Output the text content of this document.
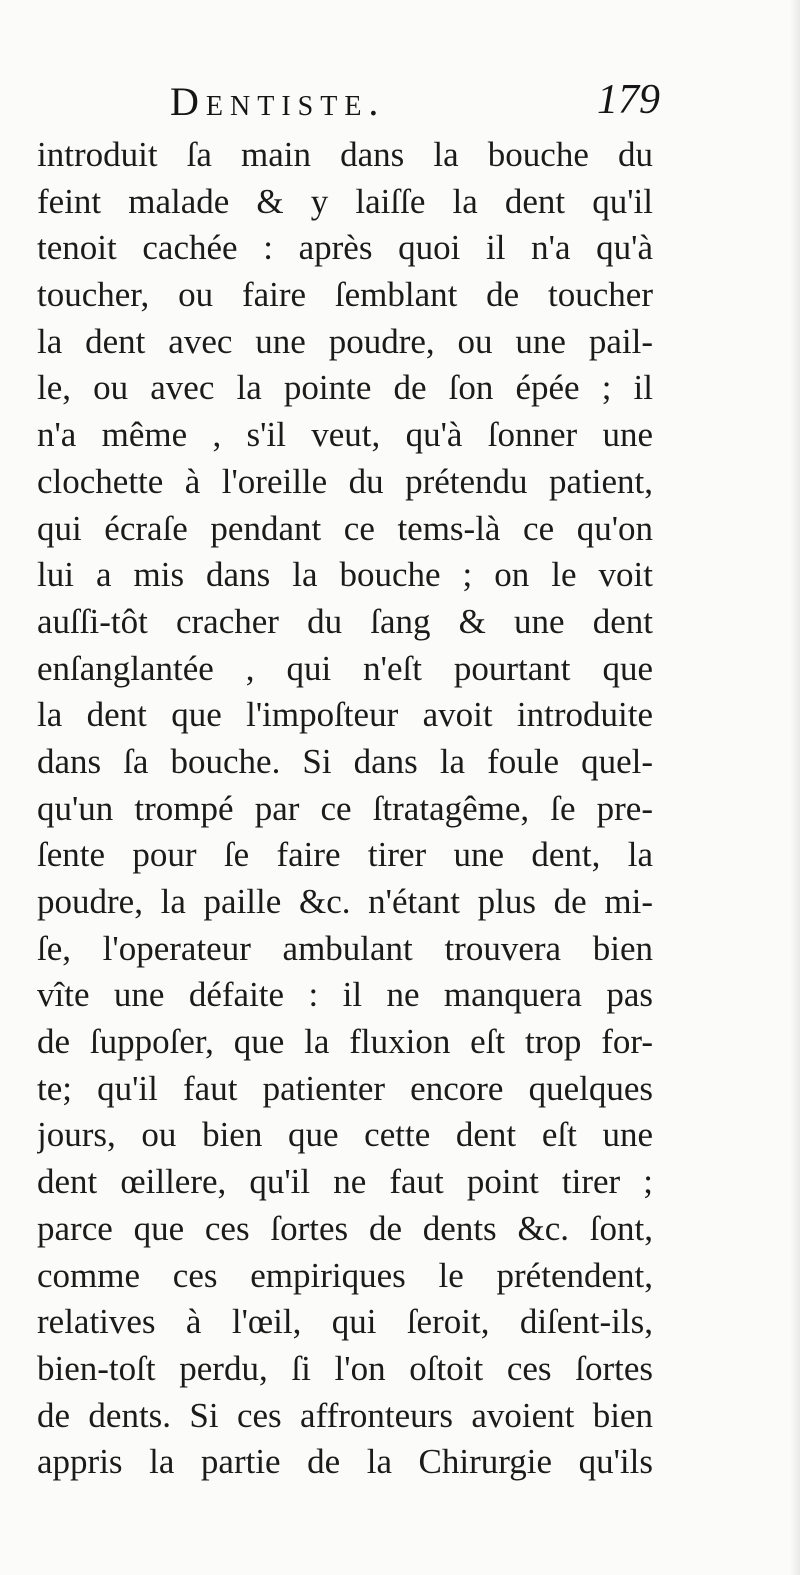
Dentiste.	179
introduit ſa main dans la bouche du
feint malade & y laiſſe la dent qu'il
tenoit cachée : après quoi il n'a qu'à
toucher, ou faire ſemblant de toucher
la dent avec une poudre, ou une pail-
le, ou avec la pointe de ſon épée ; il
n'a même , s'il veut, qu'à ſonner une
clochette à l'oreille du prétendu patient,
qui écraſe pendant ce tems-là ce qu'on
lui a mis dans la bouche ; on le voit
auſſi-tôt cracher du ſang & une dent
enſanglantée , qui n'eſt pourtant que
la dent que l'impoſteur avoit introduite
dans ſa bouche. Si dans la foule quel-
qu'un trompé par ce ſtratagême, ſe pre-
ſente pour ſe faire tirer une dent, la
poudre, la paille &c. n'étant plus de mi-
ſe, l'operateur ambulant trouvera bien
vîte une défaite : il ne manquera pas
de ſuppoſer, que la fluxion eſt trop for-
te; qu'il faut patienter encore quelques
jours, ou bien que cette dent eſt une
dent œillere, qu'il ne faut point tirer ;
parce que ces ſortes de dents &c. ſont,
comme ces empiriques le prétendent,
relatives à l'œil, qui ſeroit, diſent-ils,
bien-toſt perdu, ſi l'on oſtoit ces ſortes
de dents. Si ces affronteurs avoient bien
appris la partie de la Chirurgie qu'ils
